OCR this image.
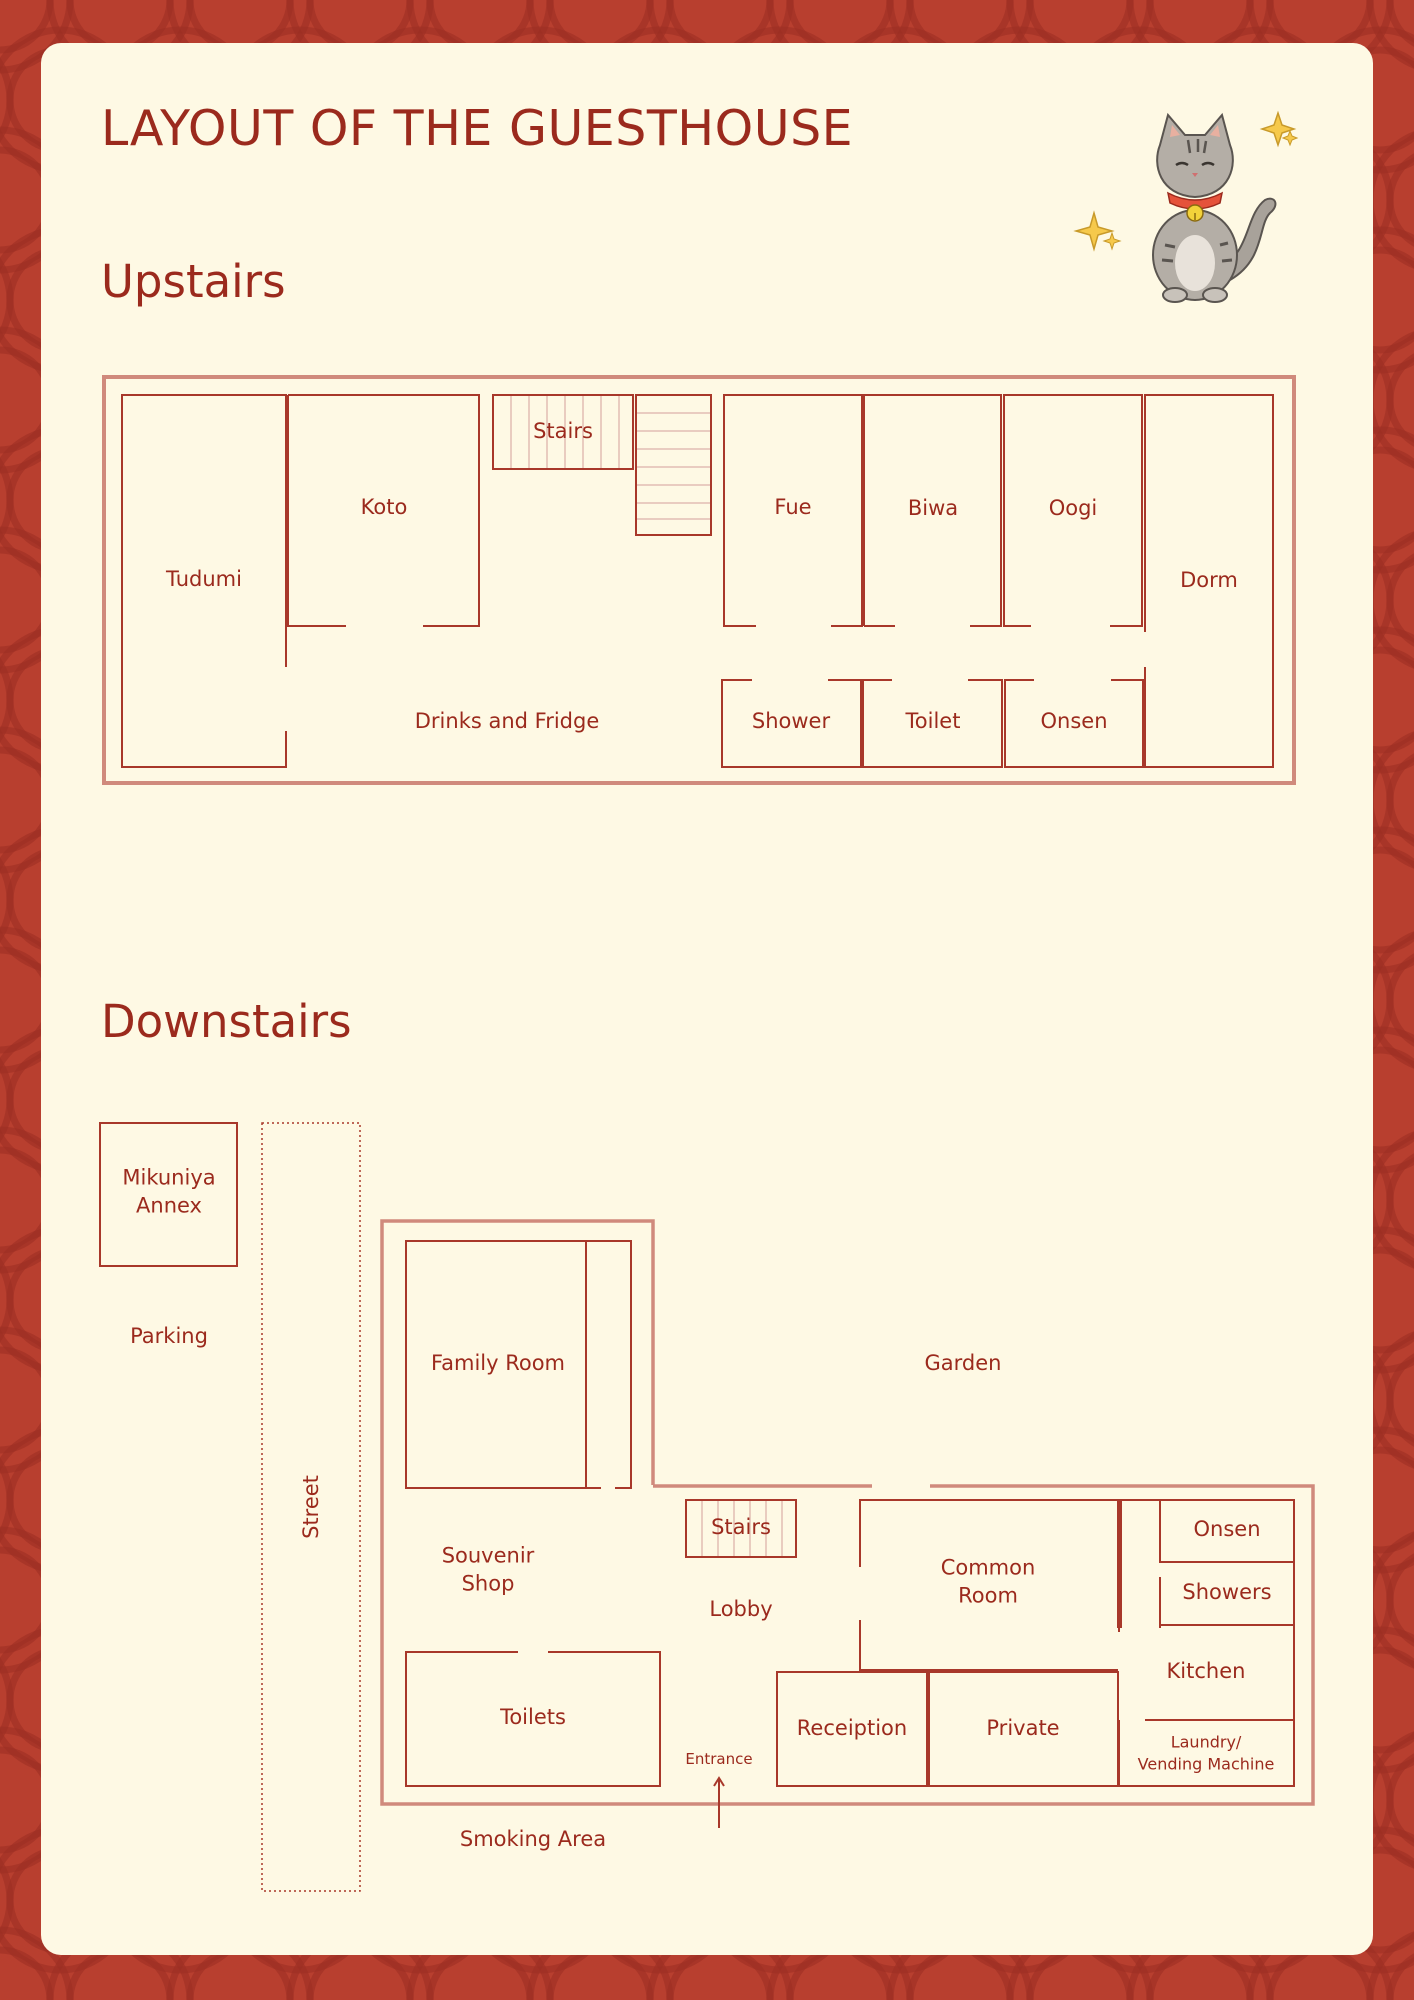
LAYOUT OF THE GUESTHOUSE
Upstairs
Downstairs
Tudumi
Koto
Stairs
Fue	Biwa	Oogi
Dorm
Drinks and Fridge	Shower	Toilet	Onsen
Mikuniya
Annex
Parking
Street
Family Room	Garden
Souvenir
Shop
Stairs
Lobby
Common
Room
Onsen
Showers
Kitchen
Toilets
Entrance
Receiption	Private
Laundry/
Vending Machine
Smoking Area
